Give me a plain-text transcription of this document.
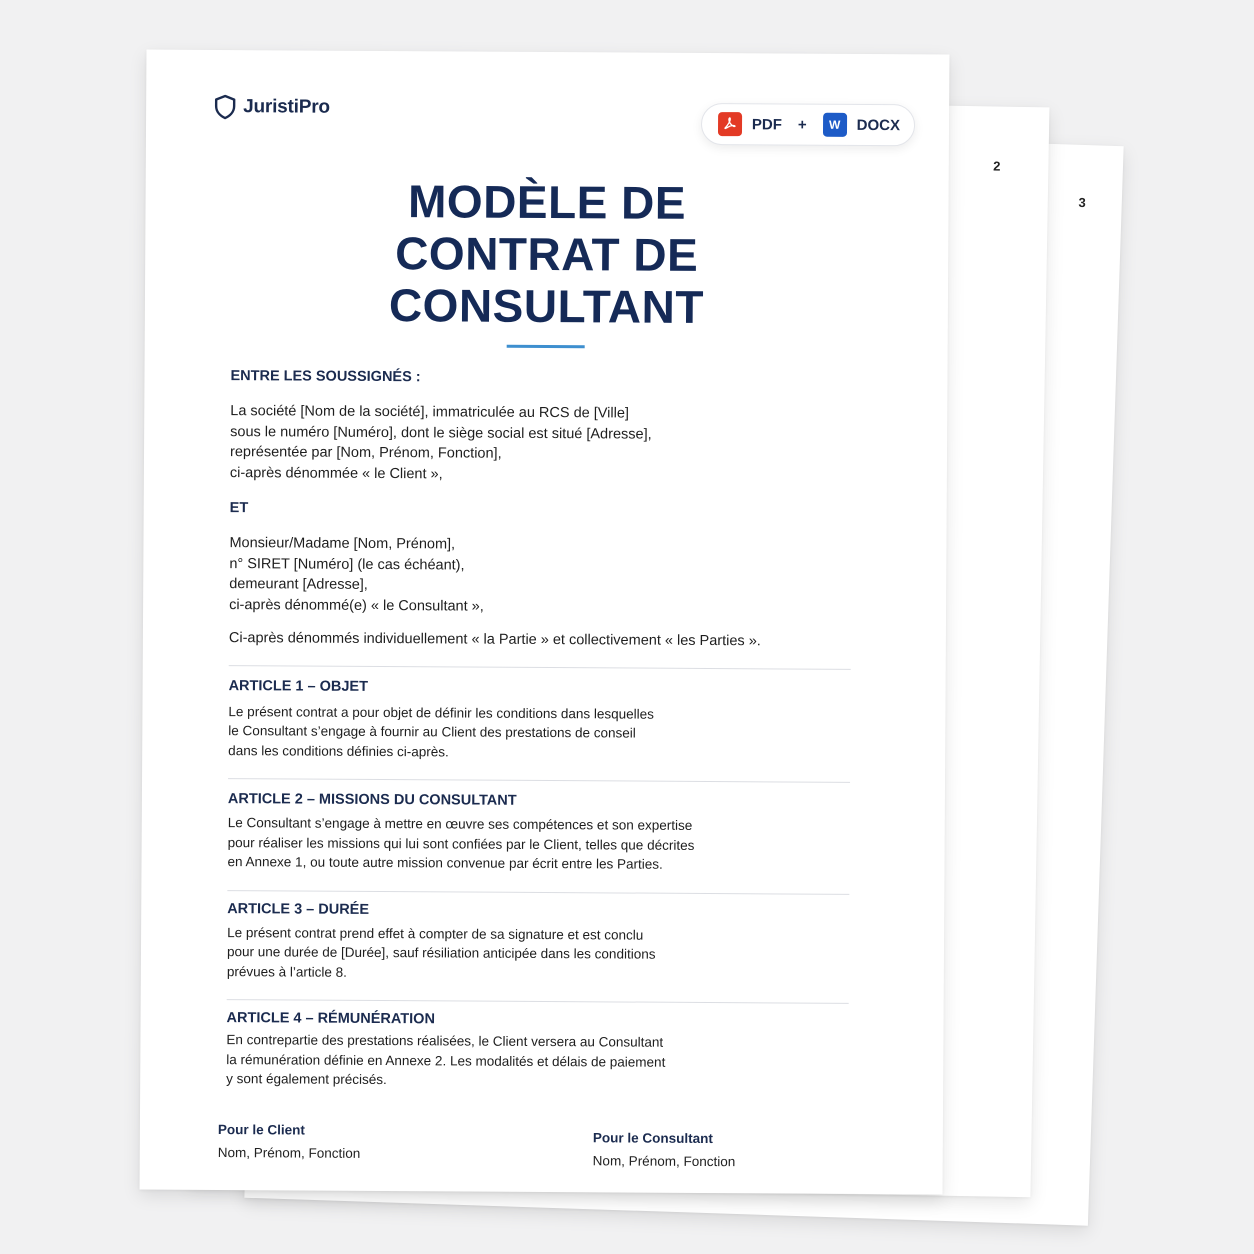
3
2
JuristiPro
PDF +	W	DOCX
MODÈLE DE
CONTRAT DE
CONSULTANT

ENTRE LES SOUSSIGNÉS :

La société [Nom de la société], immatriculée au RCS de [Ville]
sous le numéro [Numéro], dont le siège social est situé [Adresse],
représentée par [Nom, Prénom, Fonction],
ci-après dénommée « le Client »,

ET

Monsieur/Madame [Nom, Prénom],
n° SIRET [Numéro] (le cas échéant),
demeurant [Adresse],
ci-après dénommé(e) « le Consultant »,

Ci-après dénommés individuellement « la Partie » et collectivement « les Parties ».

ARTICLE 1 – OBJET

Le présent contrat a pour objet de définir les conditions dans lesquelles
le Consultant s’engage à fournir au Client des prestations de conseil
dans les conditions définies ci-après.

ARTICLE 2 – MISSIONS DU CONSULTANT

Le Consultant s’engage à mettre en œuvre ses compétences et son expertise
pour réaliser les missions qui lui sont confiées par le Client, telles que décrites
en Annexe 1, ou toute autre mission convenue par écrit entre les Parties.

ARTICLE 3 – DURÉE

Le présent contrat prend effet à compter de sa signature et est conclu
pour une durée de [Durée], sauf résiliation anticipée dans les conditions
prévues à l’article 8.

ARTICLE 4 – RÉMUNÉRATION

En contrepartie des prestations réalisées, le Client versera au Consultant
la rémunération définie en Annexe 2. Les modalités et délais de paiement
y sont également précisés.

Pour le Client
Nom, Prénom, Fonction
Pour le Consultant
Nom, Prénom, Fonction
